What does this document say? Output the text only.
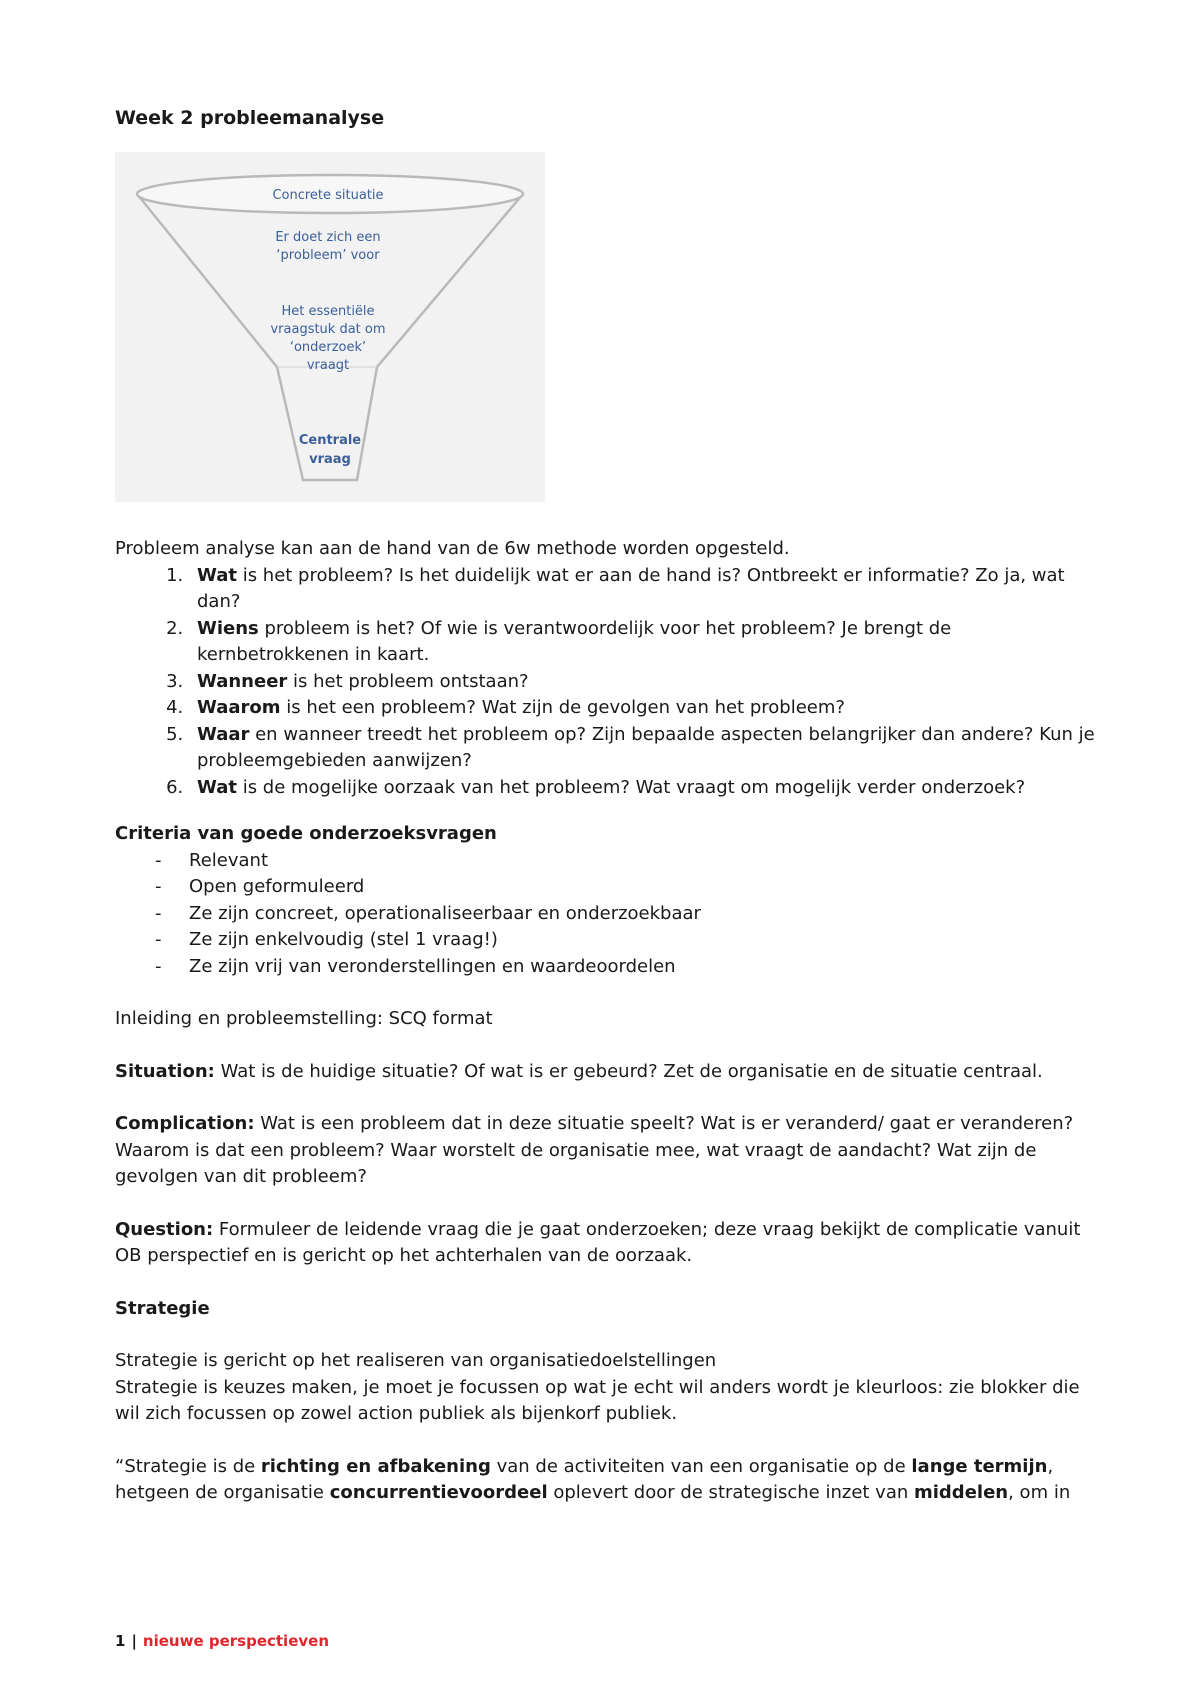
Week 2 probleemanalyse
Concrete situatie
Er doet zich een
‘probleem’ voor
Het essentiële
vraagstuk dat om
‘onderzoek’
vraagt
Centrale
vraag

Probleem analyse kan aan de hand van de 6w methode worden opgesteld.

1. Wat is het probleem? Is het duidelijk wat er aan de hand is? Ontbreekt er informatie? Zo ja, wat dan?
2. Wiens probleem is het? Of wie is verantwoordelijk voor het probleem? Je brengt de kernbetrokkenen in kaart.
3. Wanneer is het probleem ontstaan?
4. Waarom is het een probleem? Wat zijn de gevolgen van het probleem?
5. Waar en wanneer treedt het probleem op? Zijn bepaalde aspecten belangrijker dan andere? Kun je probleemgebieden aanwijzen?
6. Wat is de mogelijke oorzaak van het probleem? Wat vraagt om mogelijk verder onderzoek?
Criteria van goede onderzoeksvragen
- Relevant
- Open geformuleerd
- Ze zijn concreet, operationaliseerbaar en onderzoekbaar
- Ze zijn enkelvoudig (stel 1 vraag!)
- Ze zijn vrij van veronderstellingen en waardeoordelen

Inleiding en probleemstelling: SCQ format

Situation: Wat is de huidige situatie? Of wat is er gebeurd? Zet de organisatie en de situatie centraal.

Complication: Wat is een probleem dat in deze situatie speelt? Wat is er veranderd/ gaat er veranderen? Waarom is dat een probleem? Waar worstelt de organisatie mee, wat vraagt de aandacht? Wat zijn de gevolgen van dit probleem?

Question: Formuleer de leidende vraag die je gaat onderzoeken; deze vraag bekijkt de complicatie vanuit OB perspectief en is gericht op het achterhalen van de oorzaak.

Strategie

Strategie is gericht op het realiseren van organisatiedoelstellingen

Strategie is keuzes maken, je moet je focussen op wat je echt wil anders wordt je kleurloos: zie blokker die wil zich focussen op zowel action publiek als bijenkorf publiek.

“Strategie is de richting en afbakening van de activiteiten van een organisatie op de lange termijn, hetgeen de organisatie concurrentievoordeel oplevert door de strategische inzet van middelen, om in

1 | nieuwe perspectieven
